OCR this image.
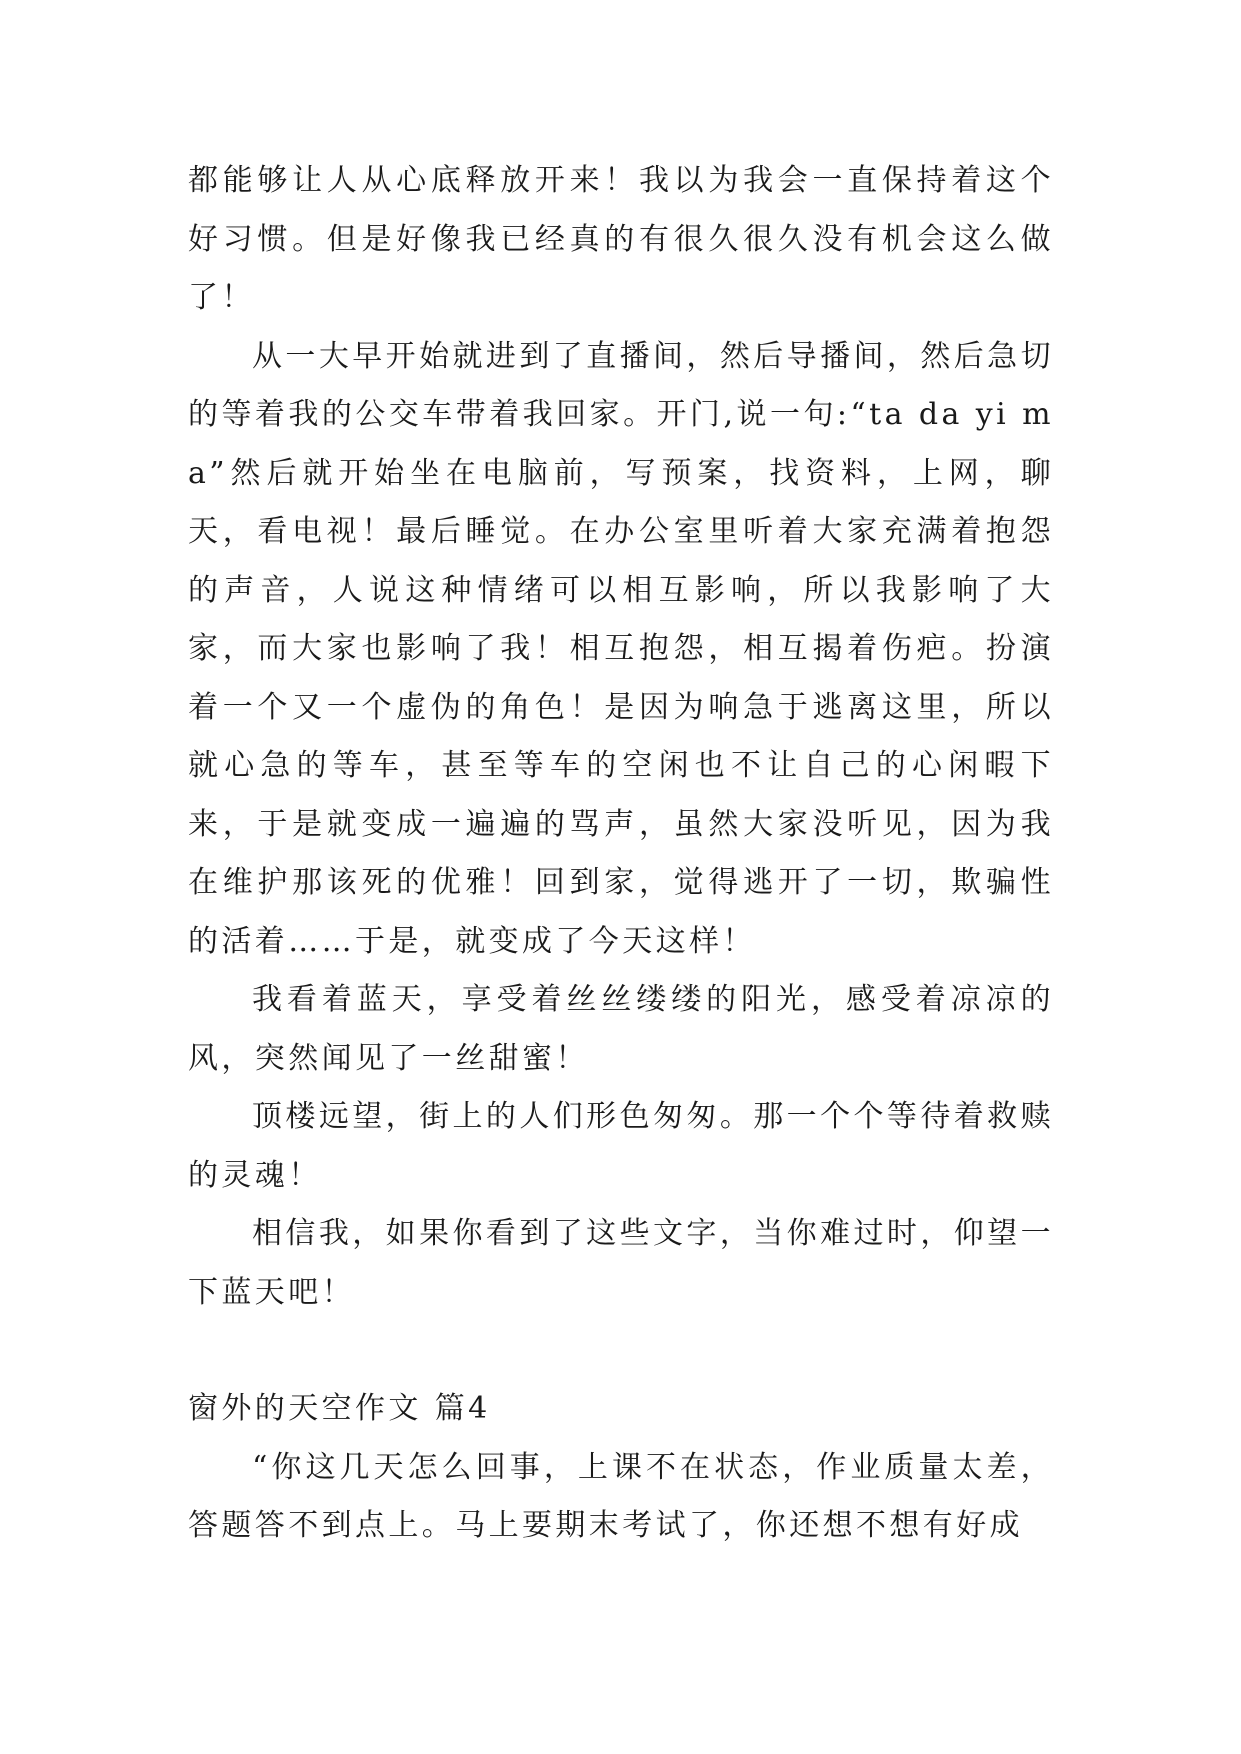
都能够让人从心底释放开来！我以为我会一直保持着这个好习惯。但是好像我已经真的有很久很久没有机会这么做了！

从一大早开始就进到了直播间，然后导播间，然后急切的等着我的公交车带着我回家。开门,说一句:“ta da yi ma”然后就开始坐在电脑前，写预案，找资料，上网，聊天，看电视！最后睡觉。在办公室里听着大家充满着抱怨的声音，人说这种情绪可以相互影响，所以我影响了大家，而大家也影响了我！相互抱怨，相互揭着伤疤。扮演着一个又一个虚伪的角色！是因为响急于逃离这里，所以就心急的等车，甚至等车的空闲也不让自己的心闲暇下来，于是就变成一遍遍的骂声，虽然大家没听见，因为我在维护那该死的优雅！回到家，觉得逃开了一切，欺骗性的活着……于是，就变成了今天这样！

我看着蓝天，享受着丝丝缕缕的阳光，感受着凉凉的风，突然闻见了一丝甜蜜！

顶楼远望，街上的人们形色匆匆。那一个个等待着救赎的灵魂！

相信我，如果你看到了这些文字，当你难过时，仰望一下蓝天吧！

窗外的天空作文 篇4

“你这几天怎么回事，上课不在状态，作业质量太差，答题答不到点上。马上要期末考试了，你还想不想有好成
